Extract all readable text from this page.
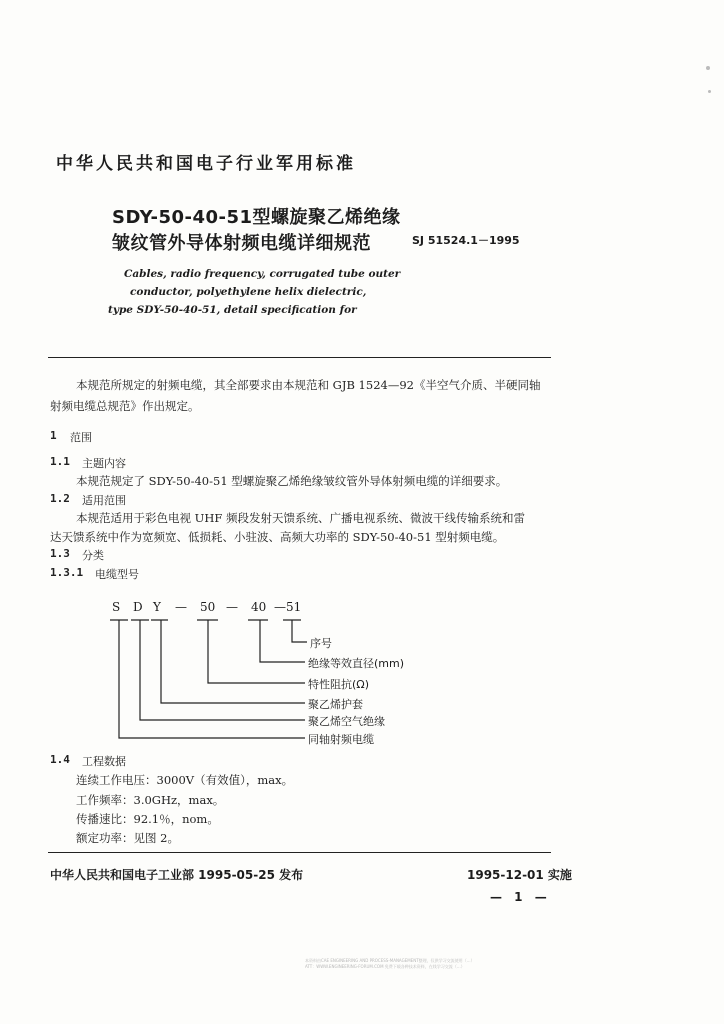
中华人民共和国电子行业军用标准
SDY-50-40-51型螺旋聚乙烯绝缘
皱纹管外导体射频电缆详细规范	SJ 51524.1－1995
Cables, radio frequency, corrugated tube outer
conductor, polyethylene helix dielectric,
type SDY-50-40-51, detail specification for
本规范所规定的射频电缆，其全部要求由本规范和 GJB 1524—92《半空气介质、半硬同轴
射频电缆总规范》作出规定。
1 范围
1.1 主题内容
本规范规定了 SDY-50-40-51 型螺旋聚乙烯绝缘皱纹管外导体射频电缆的详细要求。
1.2 适用范围
本规范适用于彩色电视 UHF 频段发射天馈系统、广播电视系统、微波干线传输系统和雷
达天馈系统中作为宽频宽、低损耗、小驻波、高频大功率的 SDY-50-40-51 型射频电缆。
1.3 分类
1.3.1 电缆型号
S D Y — 50 — 40 —51
序号
绝缘等效直径(mm)
特性阻抗(Ω)
聚乙烯护套
聚乙烯空气绝缘
同轴射频电缆
1.4 工程数据
连续工作电压：3000V（有效值），max。
工作频率：3.0GHz，max。
传播速比：92.1％，nom。
额定功率：见图 2。
中华人民共和国电子工业部 1995-05-25 发布	1995-12-01 实施
— 1 —
本资料由CAE ENGINEERING AND PROCESS-MANAGEMENT整理，仅供学习交流使用（…）
ATT：WWW.ENGINEERING-FORUM.COM 免费下载各种技术资料，在线学习交流（…）
